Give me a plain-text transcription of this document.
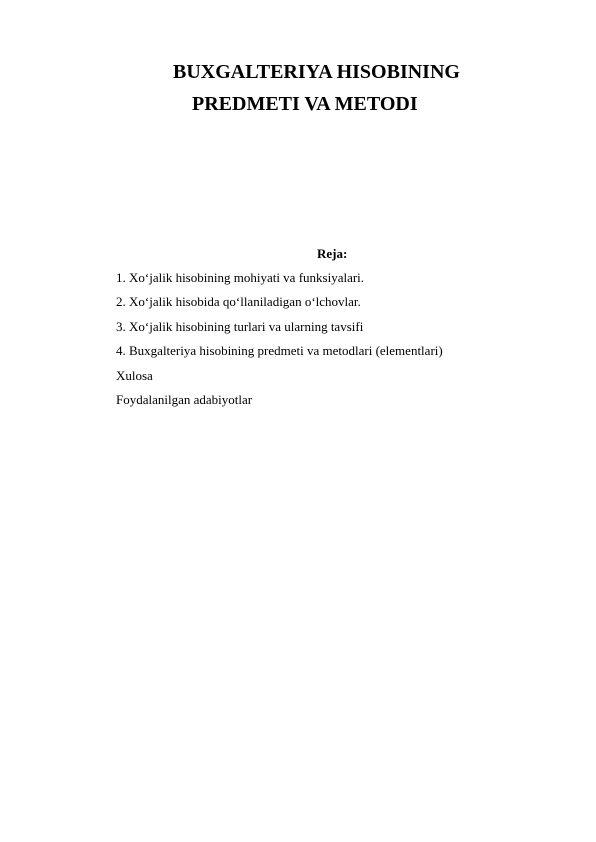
BUXGALTERIYA HISOBINING
PREDMETI VA METODI

Reja:

1. Xo‘jalik hisobining mohiyati va funksiyalari.
2. Xo‘jalik hisobida qo‘llaniladigan o‘lchovlar.
3. Xo‘jalik hisobining turlari va ularning tavsifi
4. Buxgalteriya hisobining predmeti va metodlari (elementlari)
Xulosa
Foydalanilgan adabiyotlar
